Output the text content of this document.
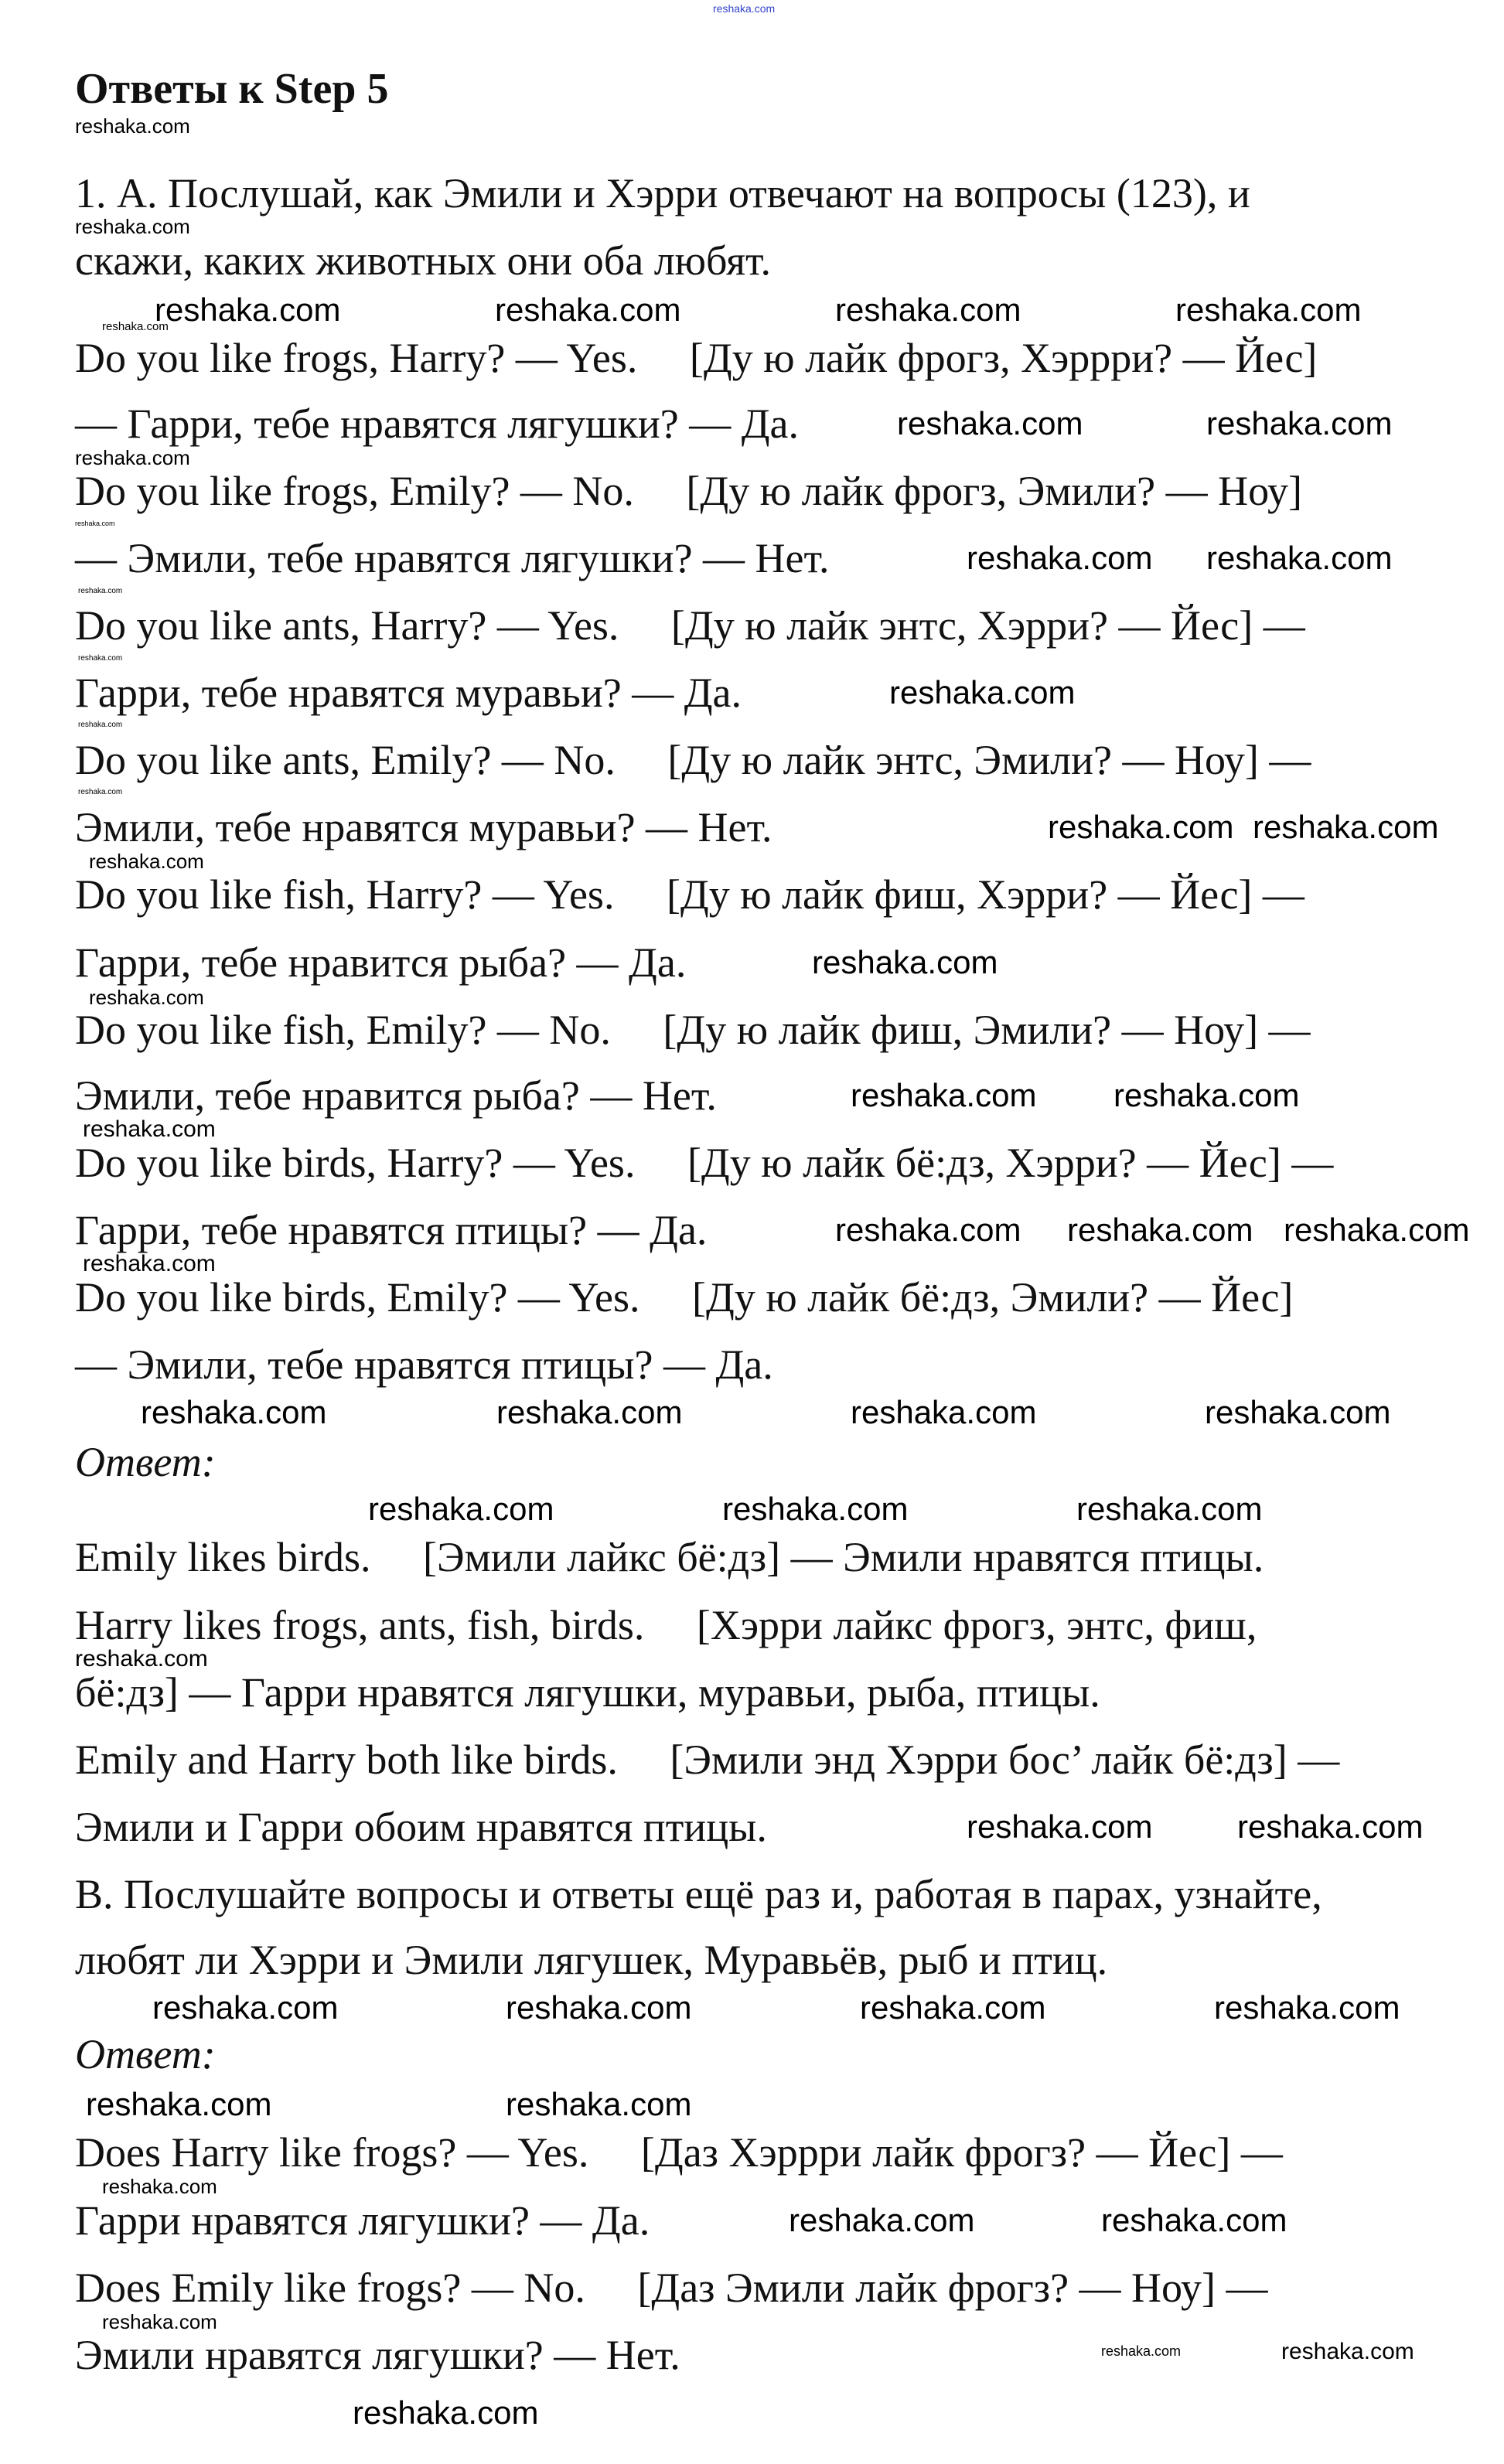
reshaka.com
Ответы к Step 5
1. А. Послушай, как Эмили и Хэрри отвечают на вопросы (123), и
скажи, каких животных они оба любят.
Do you like frogs, Harry? — Yes.     [Ду ю лайк фрогз, Хэррри? — Йес]
— Гарри, тебе нравятся лягушки? — Да.
Do you like frogs, Emily? — No.     [Ду ю лайк фрогз, Эмили? — Ноу]
— Эмили, тебе нравятся лягушки? — Нет.
Do you like ants, Harry? — Yes.     [Ду ю лайк энтс, Хэрри? — Йес] —
Гарри, тебе нравятся муравьи? — Да.
Do you like ants, Emily? — No.     [Ду ю лайк энтс, Эмили? — Ноу] —
Эмили, тебе нравятся муравьи? — Нет.
Do you like fish, Harry? — Yes.     [Ду ю лайк фиш, Хэрри? — Йес] —
Гарри, тебе нравится рыба? — Да.
Do you like fish, Emily? — No.     [Ду ю лайк фиш, Эмили? — Ноу] —
Эмили, тебе нравится рыба? — Нет.
Do you like birds, Harry? — Yes.     [Ду ю лайк бё:дз, Хэрри? — Йес] —
Гарри, тебе нравятся птицы? — Да.
Do you like birds, Emily? — Yes.     [Ду ю лайк бё:дз, Эмили? — Йес]
— Эмили, тебе нравятся птицы? — Да.
Ответ:
Emily likes birds.     [Эмили лайкс бё:дз] — Эмили нравятся птицы.
Harry likes frogs, ants, fish, birds.     [Хэрри лайкс фрогз, энтс, фиш,
бё:дз] — Гарри нравятся лягушки, муравьи, рыба, птицы.
Emily and Harry both like birds.     [Эмили энд Хэрри бос’ лайк бё:дз] —
Эмили и Гарри обоим нравятся птицы.
В. Послушайте вопросы и ответы ещё раз и, работая в парах, узнайте,
любят ли Хэрри и Эмили лягушек, Муравьёв, рыб и птиц.
Ответ:
Does Harry like frogs? — Yes.     [Даз Хэррри лайк фрогз? — Йес] —
Гарри нравятся лягушки? — Да.
Does Emily like frogs? — No.     [Даз Эмили лайк фрогз? — Ноу] —
Эмили нравятся лягушки? — Нет.
reshaka.com
reshaka.com
reshaka.com	reshaka.com	reshaka.com
reshaka.com	reshaka.com
reshaka.com	reshaka.com
reshaka.com
reshaka.com
reshaka.com reshaka.com
reshaka.com
reshaka.com
reshaka.com
reshaka.com
reshaka.com
reshaka.com
reshaka.com
reshaka.com
reshaka.com
reshaka.com
reshaka.com
reshaka.com
reshaka.com
reshaka.com
reshaka.com
reshaka.com reshaka.com
reshaka.com	reshaka.com	reshaka.com	reshaka.com
reshaka.com
reshaka.com	reshaka.com	reshaka.com
reshaka.com	reshaka.com
reshaka.com	reshaka.com
reshaka.com	reshaka.com
reshaka.com	reshaka.com
reshaka.com
reshaka.com
reshaka.com
reshaka.com
reshaka.com
reshaka.com	reshaka.com
